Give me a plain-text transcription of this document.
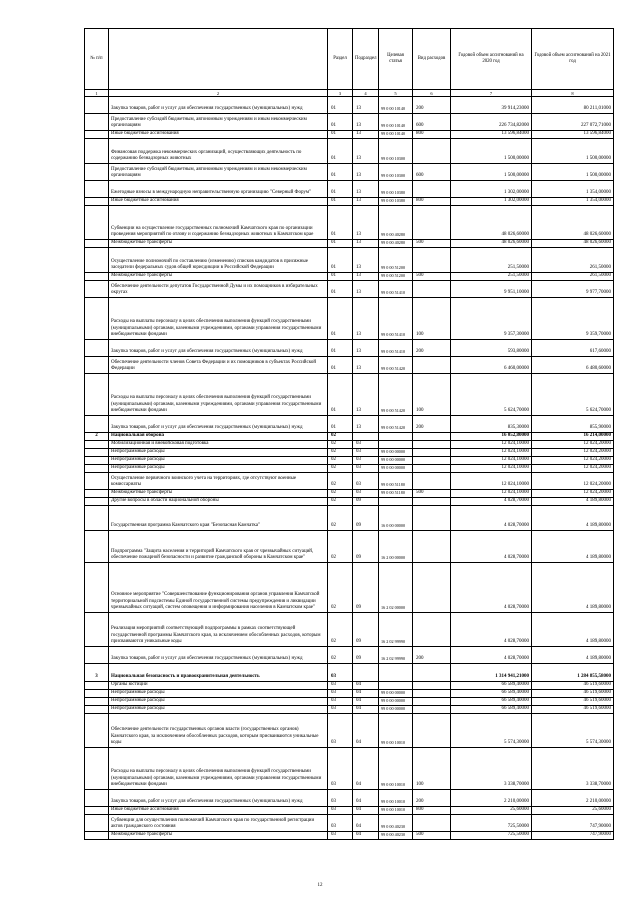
№ п/п		Раздел	Подраздел	Целевая статья	Вид расходов	Годовой объем ассигнований на 2020 год	Годовой объем ассигнований на 2021 год
1	2	3	4	5	6	7	8
	Закупка товаров, работ и услуг для обеспечения государственных (муниципальных) нужд	01	13	99 0 00 10140	200	39 914,23000	80 211,01000
	Предоставление субсидий бюджетным, автономным учреждениям и иным некоммерческим организациям	01	13	99 0 00 10140	600	226 734,82000	227 072,71000
	Иные бюджетные ассигнования	01	13	99 0 00 10140	800	13 596,84000	13 596,84000
	Финансовая поддержка некоммерческих организаций, осуществляющих деятельность по содержанию безнадзорных животных	01	13	99 0 00 10300		1 500,00000	1 500,00000
	Предоставление субсидий бюджетным, автономным учреждениям и иным некоммерческим организациям	01	13	99 0 00 10300	600	1 500,00000	1 500,00000
	Ежегодные взносы в международную неправительственную организацию "Северный Форум"	01	13	99 0 00 10380		1 302,00000	1 354,00000
	Иные бюджетные ассигнования	01	13	99 0 00 10380	800	1 302,00000	1 354,00000
	Субвенции на осуществление государственных полномочий Камчатского края по организации проведения мероприятий по отлову и содержанию безнадзорных животных в Камчатском крае	01	13	99 0 00 40280		48 026,60000	48 026,60000
	Межбюджетные трансферты	01	13	99 0 00 40280	500	48 026,60000	48 026,60000
	Осуществление полномочий по составлению (изменению) списков кандидатов в присяжные заседатели федеральных судов общей юрисдикции в Российской Федерации	01	13	99 0 00 51200		251,50000	261,50000
	Межбюджетные трансферты	01	13	99 0 00 51200	500	251,50000	261,50000
	Обеспечение деятельности депутатов Государственной Думы и их помощников в избирательных округах	01	13	99 0 00 51410		9 951,10000	9 977,70000
	Расходы на выплаты персоналу в целях обеспечения выполнения функций государственными (муниципальными) органами, казенными учреждениями, органами управления государственными внебюджетными фондами	01	13	99 0 00 51410	100	9 357,30000	9 359,70000
	Закупка товаров, работ и услуг для обеспечения государственных (муниципальных) нужд	01	13	99 0 00 51410	200	593,80000	617,60000
	Обеспечение деятельности членов Совета Федерации и их помощников в субъектах Российской Федерации	01	13	99 0 00 51420		6 460,00000	6 480,60000
	Расходы на выплаты персоналу в целях обеспечения выполнения функций государственными (муниципальными) органами, казенными учреждениями, органами управления государственными внебюджетными фондами	01	13	99 0 00 51420	100	5 624,70000	5 624,70000
	Закупка товаров, работ и услуг для обеспечения государственных (муниципальных) нужд	01	13	99 0 00 51420	200	835,30000	855,90000
2	Национальная оборона	02				16 052,80000	16 214,00000
	Мобилизационная и вневойсковая подготовка	02	03			12 024,10000	12 024,20000
	Непрограммные расходы	02	03	99 0 00 00000		12 024,10000	12 024,20000
	Непрограммные расходы	02	03	99 0 00 00000		12 024,10000	12 024,20000
	Непрограммные расходы	02	03	99 0 00 00000		12 024,10000	12 024,20000
	Осуществление первичного воинского учета на территориях, где отсутствуют военные комиссариаты	02	03	99 0 00 51180		12 024,10000	12 024,20000
	Межбюджетные трансферты	02	03	99 0 00 51180	500	12 024,10000	12 024,20000
	Другие вопросы в области национальной обороны	02	09			4 028,70000	4 189,80000
	Государственная программа Камчатского края "Безопасная Камчатка"	02	09	16 0 00 00000		4 028,70000	4 189,80000
	Подпрограмма "Защита населения и территорий Камчатского края от чрезвычайных ситуаций, обеспечение пожарной безопасности и развитие гражданской обороны в Камчатском крае"	02	09	16 2 00 00000		4 028,70000	4 189,80000
	Основное мероприятие "Совершенствование функционирования органов управления Камчатской территориальной подсистемы Единой государственной системы предупреждения и ликвидации чрезвычайных ситуаций, систем оповещения и информирования населения в Камчатском крае"	02	09	16 2 02 00000		4 028,70000	4 189,80000
	Реализация мероприятий соответствующей подпрограммы в рамках соответствующей государственной программы Камчатского края, за исключением обособленных расходов, которым присваиваются уникальные коды	02	09	16 2 02 99990		4 028,70000	4 189,80000
	Закупка товаров, работ и услуг для обеспечения государственных (муниципальных) нужд	02	09	16 2 02 99990	200	4 028,70000	4 189,80000
3	Национальная безопасность и правоохранительная деятельность	03				1 314 941,21000	1 284 855,58000
	Органы юстиции	03	04			66 589,40000	46 519,60000
	Непрограммные расходы	03	04	99 0 00 00000		66 589,40000	46 519,60000
	Непрограммные расходы	03	04	99 0 00 00000		66 589,40000	46 519,60000
	Непрограммные расходы	03	04	99 0 00 00000		66 589,40000	46 519,60000
	Обеспечение деятельности государственных органов власти (государственных органов) Камчатского края, за исключением обособленных расходов, которым присваиваются уникальные коды	03	04	99 0 00 10010		5 574,30000	5 574,30000
	Расходы на выплаты персоналу в целях обеспечения выполнения функций государственными (муниципальными) органами, казенными учреждениями, органами управления государственными внебюджетными фондами	03	04	99 0 00 10010	100	3 338,70000	3 338,70000
	Закупка товаров, работ и услуг для обеспечения государственных (муниципальных) нужд	03	04	99 0 00 10010	200	2 210,00000	2 210,00000
	Иные бюджетные ассигнования	03	04	99 0 00 10010	800	25,60000	25,60000
	Субвенции для осуществления полномочий Камчатского края по государственной регистрации актов гражданского состояния	03	04	99 0 00 40230		725,50000	747,90000
	Межбюджетные трансферты	03	04	99 0 00 40230	500	725,50000	747,90000
12
